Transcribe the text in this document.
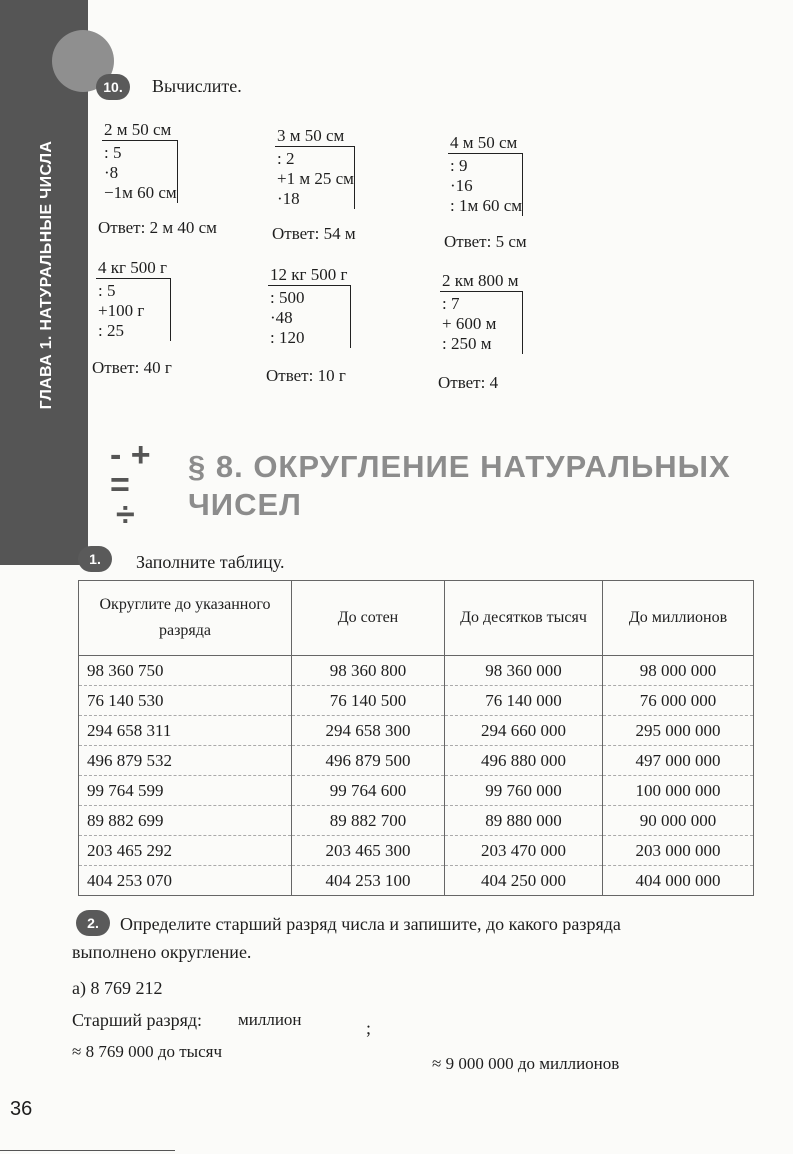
ГЛАВА 1. НАТУРАЛЬНЫЕ ЧИСЛА
10.	Вычислите.
2 м 50 см
: 5
·8
−1м 60 см
Ответ: 2 м 40 см
3 м 50 см
: 2
+1 м 25 см
·18
Ответ: 54 м
4 м 50 см
: 9
·16
: 1м 60 см
Ответ: 5 см
4 кг 500 г
: 5
+100 г
: 25
Ответ: 40 г
12 кг 500 г
: 500
·48
: 120
Ответ: 10 г
2 км 800 м
: 7
+ 600 м
: 250 м
Ответ: 4
- + =
÷
§ 8. ОКРУГЛЕНИЕ НАТУРАЛЬНЫХ ЧИСЕЛ
1.	Заполните таблицу.
Округлите до указанного разряда	До сотен	До десятков тысяч	До миллионов
98 360 750	98 360 800	98 360 000	98 000 000
76 140 530	76 140 500	76 140 000	76 000 000
294 658 311	294 658 300	294 660 000	295 000 000
496 879 532	496 879 500	496 880 000	497 000 000
99 764 599	99 764 600	99 760 000	100 000 000
89 882 699	89 882 700	89 880 000	90 000 000
203 465 292	203 465 300	203 470 000	203 000 000
404 253 070	404 253 100	404 250 000	404 000 000
2.	Определите старший разряд числа и запишите, до какого разряда
выполнено округление.
а) 8 769 212
Старший разряд: миллион	;
≈ 8 769 000 до тысяч
≈ 9 000 000 до миллионов
36
